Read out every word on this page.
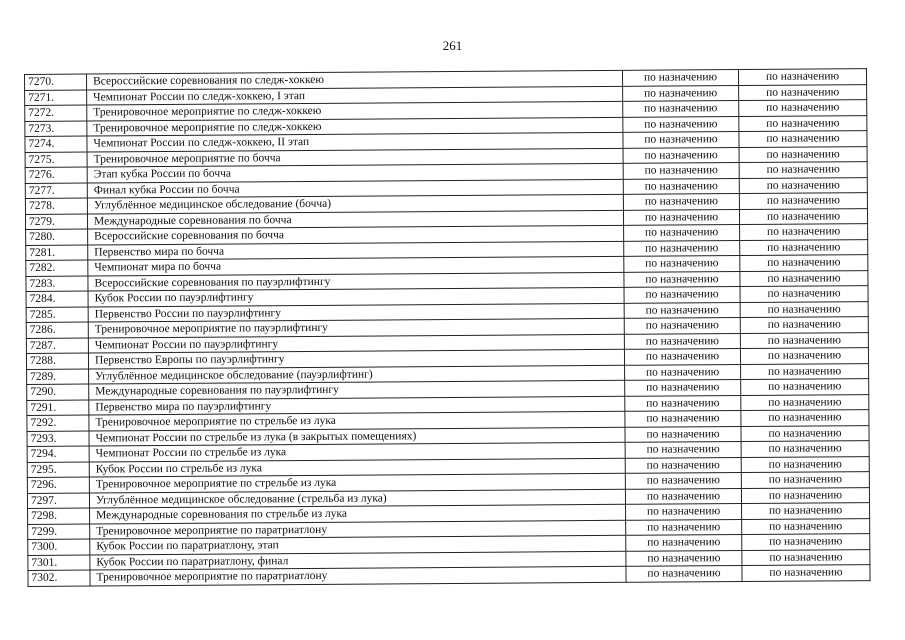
261
7270.	Всероссийские соревнования по следж-хоккею	по назначению	по назначению
7271.	Чемпионат России по следж-хоккею, I этап	по назначению	по назначению
7272.	Тренировочное мероприятие по следж-хоккею	по назначению	по назначению
7273.	Тренировочное мероприятие по следж-хоккею	по назначению	по назначению
7274.	Чемпионат России по следж-хоккею, II этап	по назначению	по назначению
7275.	Тренировочное мероприятие по бочча	по назначению	по назначению
7276.	Этап кубка России по бочча	по назначению	по назначению
7277.	Финал кубка России по бочча	по назначению	по назначению
7278.	Углублённое медицинское обследование (бочча)	по назначению	по назначению
7279.	Международные соревнования по бочча	по назначению	по назначению
7280.	Всероссийские соревнования по бочча	по назначению	по назначению
7281.	Первенство мира по бочча	по назначению	по назначению
7282.	Чемпионат мира по бочча	по назначению	по назначению
7283.	Всероссийские соревнования по пауэрлифтингу	по назначению	по назначению
7284.	Кубок России по пауэрлифтингу	по назначению	по назначению
7285.	Первенство России по пауэрлифтингу	по назначению	по назначению
7286.	Тренировочное мероприятие по пауэрлифтингу	по назначению	по назначению
7287.	Чемпионат России по пауэрлифтингу	по назначению	по назначению
7288.	Первенство Европы по пауэрлифтингу	по назначению	по назначению
7289.	Углублённое медицинское обследование (пауэрлифтинг)	по назначению	по назначению
7290.	Международные соревнования по пауэрлифтингу	по назначению	по назначению
7291.	Первенство мира по пауэрлифтингу	по назначению	по назначению
7292.	Тренировочное мероприятие по стрельбе из лука	по назначению	по назначению
7293.	Чемпионат России по стрельбе из лука (в закрытых помещениях)	по назначению	по назначению
7294.	Чемпионат России по стрельбе из лука	по назначению	по назначению
7295.	Кубок России по стрельбе из лука	по назначению	по назначению
7296.	Тренировочное мероприятие по стрельбе из лука	по назначению	по назначению
7297.	Углублённое медицинское обследование (стрельба из лука)	по назначению	по назначению
7298.	Международные соревнования по стрельбе из лука	по назначению	по назначению
7299.	Тренировочное мероприятие по паратриатлону	по назначению	по назначению
7300.	Кубок России по паратриатлону, этап	по назначению	по назначению
7301.	Кубок России по паратриатлону, финал	по назначению	по назначению
7302.	Тренировочное мероприятие по паратриатлону	по назначению	по назначению
